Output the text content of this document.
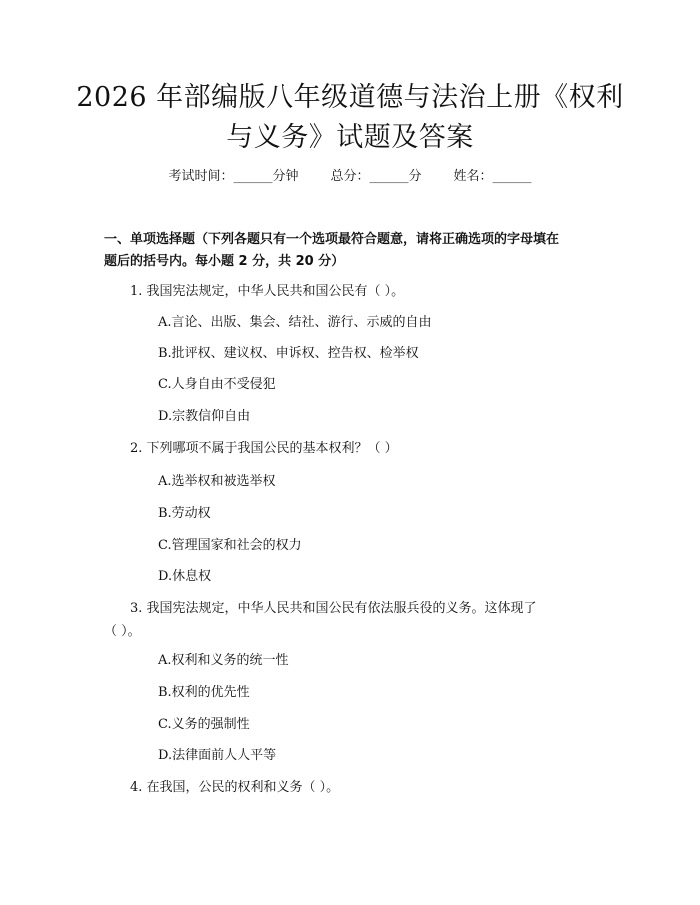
2026 年部编版八年级道德与法治上册《权利
与义务》试题及答案
考试时间：______分钟 总分：______分 姓名：______
一、单项选择题（下列各题只有一个选项最符合题意，请将正确选项的字母填在
题后的括号内。每小题 2 分，共 20 分）
1. 我国宪法规定，中华人民共和国公民有（ ）。
A.言论、出版、集会、结社、游行、示威的自由
B.批评权、建议权、申诉权、控告权、检举权
C.人身自由不受侵犯
D.宗教信仰自由
2. 下列哪项不属于我国公民的基本权利？（ ）
A.选举权和被选举权
B.劳动权
C.管理国家和社会的权力
D.休息权
3. 我国宪法规定，中华人民共和国公民有依法服兵役的义务。这体现了
（ ）。
A.权利和义务的统一性
B.权利的优先性
C.义务的强制性
D.法律面前人人平等
4. 在我国，公民的权利和义务（ ）。
